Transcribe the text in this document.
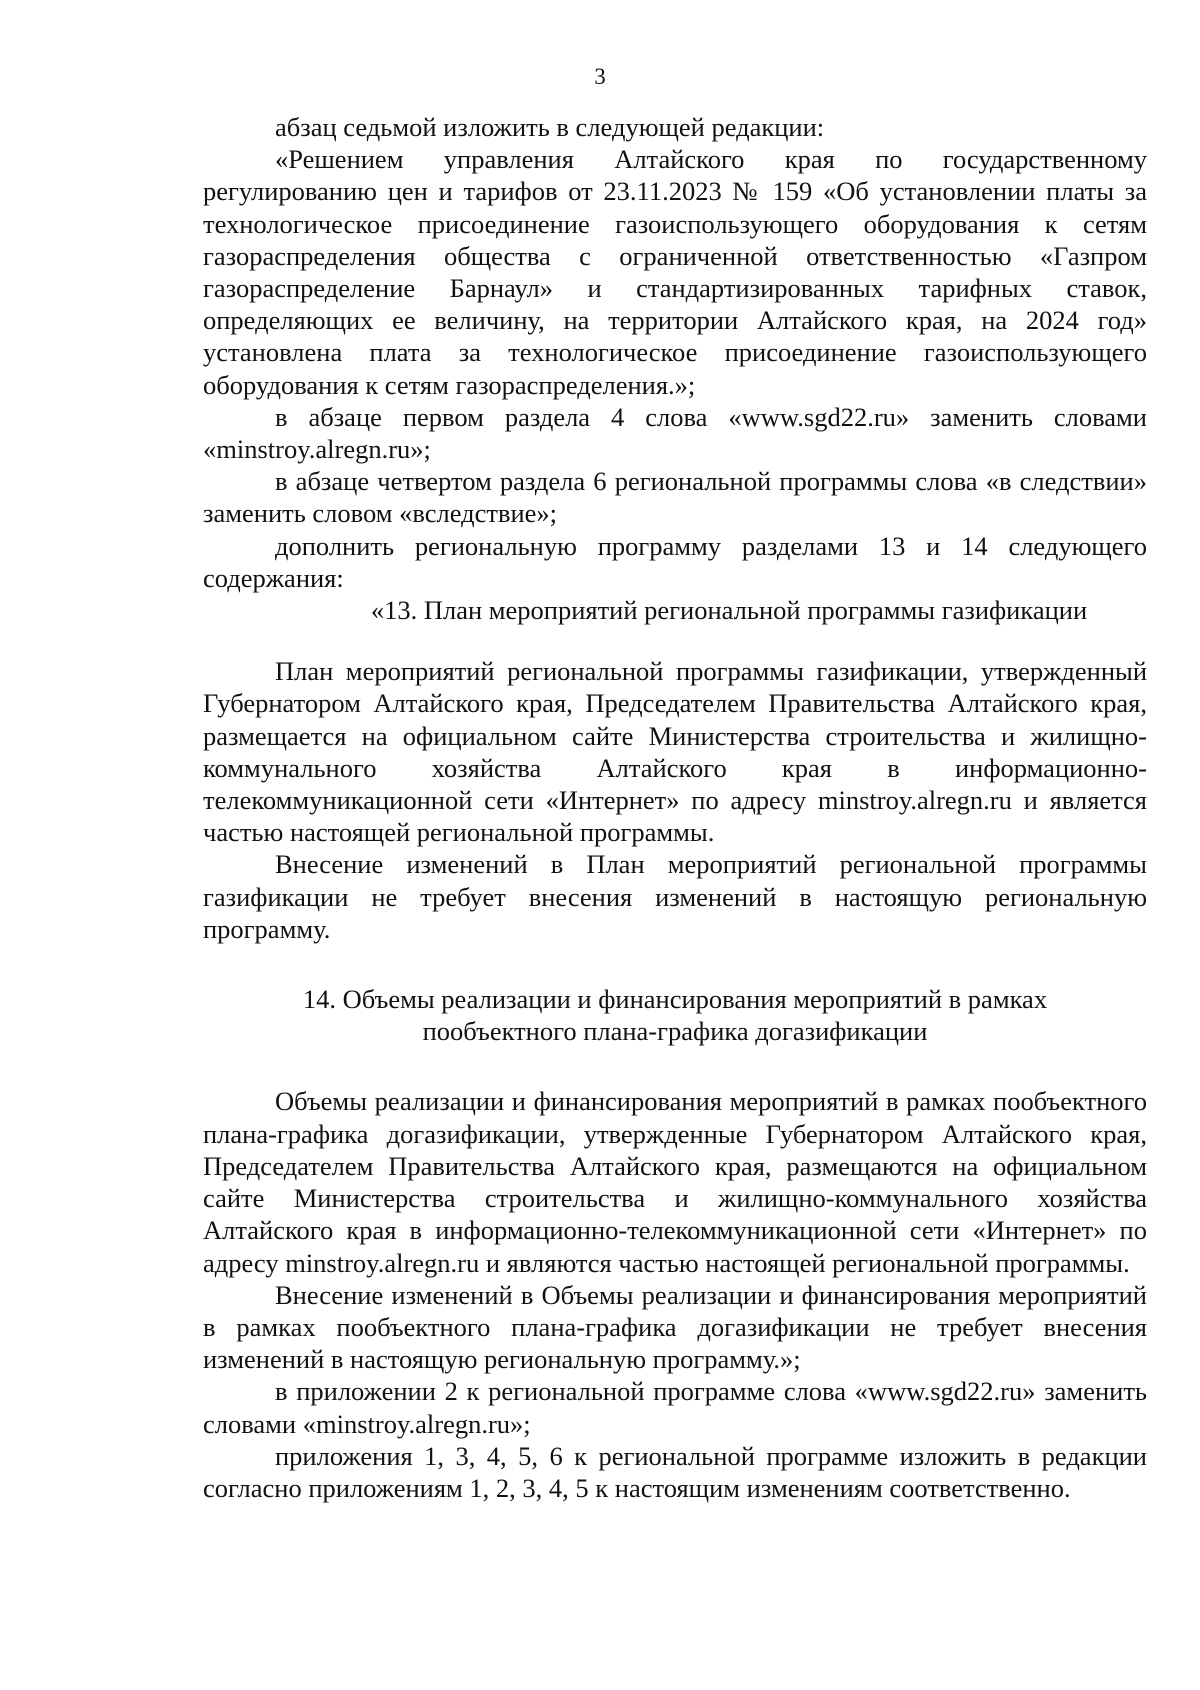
3

абзац седьмой изложить в следующей редакции:

«Решением управления Алтайского края по государственному регулированию цен и тарифов от 23.11.2023 № 159 «Об установлении платы за технологическое присоединение газоиспользующего оборудования к сетям газораспределения общества с ограниченной ответственностью «Газпром газораспределение Барнаул» и стандартизированных тарифных ставок, определяющих ее величину, на территории Алтайского края, на 2024 год» установлена плата за технологическое присоединение газоиспользующего оборудования к сетям газораспределения.»;

в абзаце первом раздела 4 слова «www.sgd22.ru» заменить словами «minstroy.alregn.ru»;

в абзаце четвертом раздела 6 региональной программы слова «в следствии» заменить словом «вследствие»;

дополнить региональную программу разделами 13 и 14 следующего содержания:

«13. План мероприятий региональной программы газификации

План мероприятий региональной программы газификации, утвержденный Губернатором Алтайского края, Председателем Правительства Алтайского края, размещается на официальном сайте Министерства строительства и жилищно-коммунального хозяйства Алтайского края в информационно-телекоммуникационной сети «Интернет» по адресу minstroy.alregn.ru и является частью настоящей региональной программы.

Внесение изменений в План мероприятий региональной программы газификации не требует внесения изменений в настоящую региональную программу.

14. Объемы реализации и финансирования мероприятий в рамках

пообъектного плана-графика догазификации

Объемы реализации и финансирования мероприятий в рамках пообъектного плана-графика догазификации, утвержденные Губернатором Алтайского края, Председателем Правительства Алтайского края, размещаются на официальном сайте Министерства строительства и жилищно-коммунального хозяйства Алтайского края в информационно-телекоммуникационной сети «Интернет» по адресу minstroy.alregn.ru и являются частью настоящей региональной программы.

Внесение изменений в Объемы реализации и финансирования мероприятий в рамках пообъектного плана-графика догазификации не требует внесения изменений в настоящую региональную программу.»;

в приложении 2 к региональной программе слова «www.sgd22.ru» заменить словами «minstroy.alregn.ru»;

приложения 1, 3, 4, 5, 6 к региональной программе изложить в редакции согласно приложениям 1, 2, 3, 4, 5 к настоящим изменениям соответственно.
